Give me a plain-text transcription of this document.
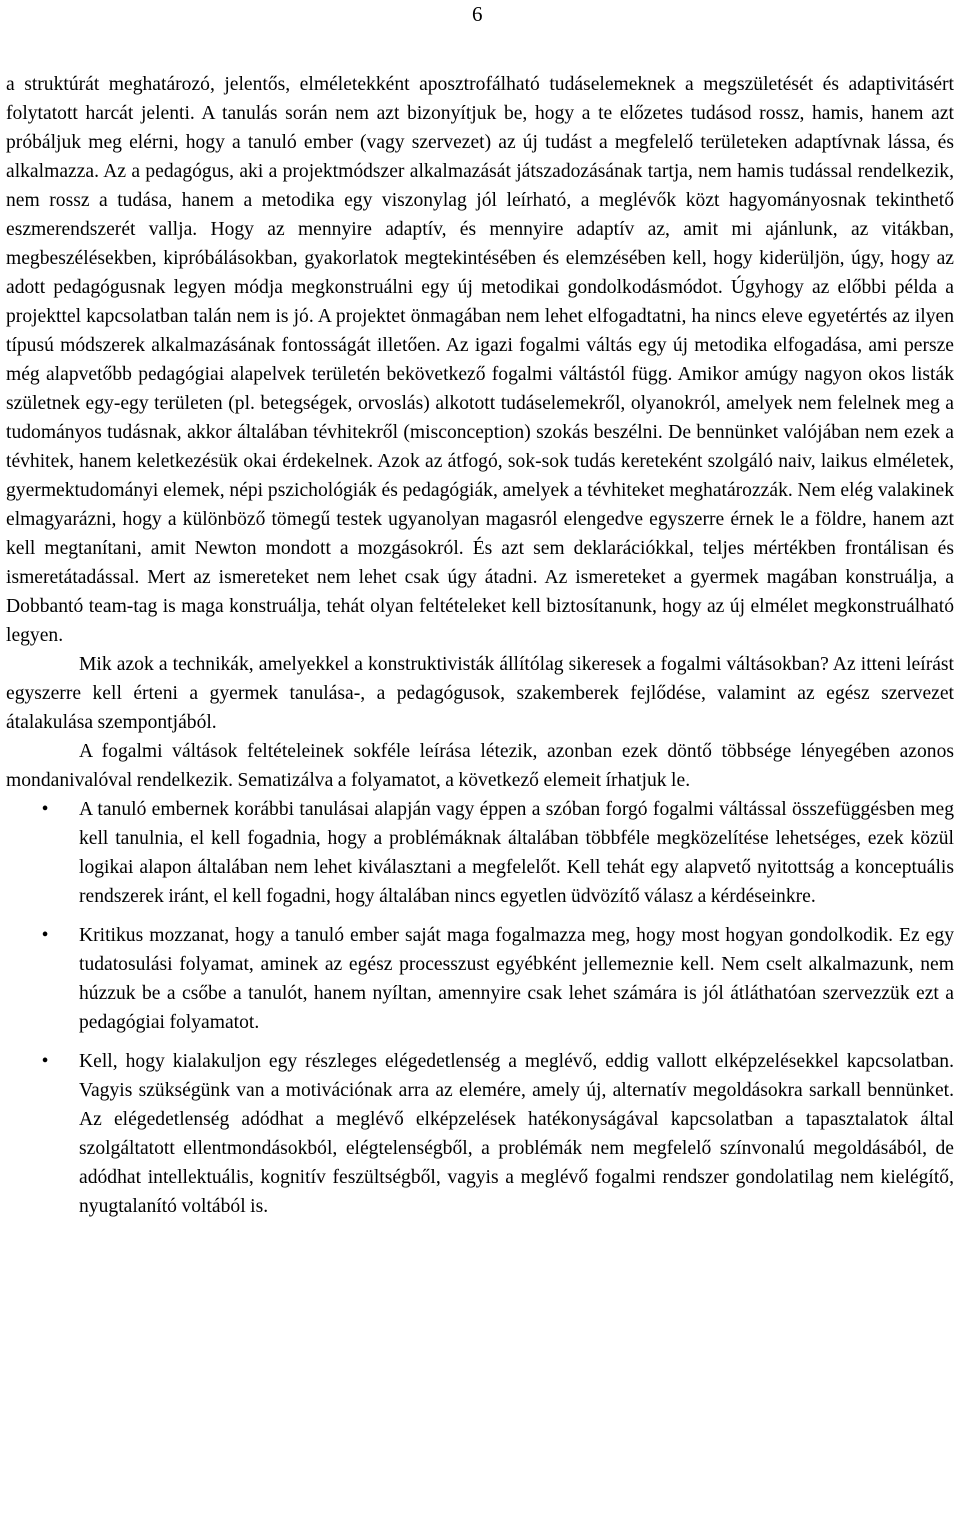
6

a struktúrát meghatározó, jelentős, elméletekként aposztrofálható tudáselemeknek a megszületését és adaptivitásért folytatott harcát jelenti. A tanulás során nem azt bizonyítjuk be, hogy a te előzetes tudásod rossz, hamis, hanem azt próbáljuk meg elérni, hogy a tanuló ember (vagy szervezet) az új tudást a megfelelő területeken adaptívnak lássa, és alkalmazza. Az a pedagógus, aki a projektmódszer alkalmazását játszadozásának tartja, nem hamis tudással rendelkezik, nem rossz a tudása, hanem a metodika egy viszonylag jól leírható, a meglévők közt hagyományosnak tekinthető eszmerendszerét vallja. Hogy az mennyire adaptív, és mennyire adaptív az, amit mi ajánlunk, az vitákban, megbeszélésekben, kipróbálásokban, gyakorlatok megtekintésében és elemzésében kell, hogy kiderüljön, úgy, hogy az adott pedagógusnak legyen módja megkonstruálni egy új metodikai gondolkodásmódot. Úgyhogy az előbbi példa a projekttel kapcsolatban talán nem is jó. A projektet önmagában nem lehet elfogadtatni, ha nincs eleve egyetértés az ilyen típusú módszerek alkalmazásának fontosságát illetően. Az igazi fogalmi váltás egy új metodika elfogadása, ami persze még alapvetőbb pedagógiai alapelvek területén bekövetkező fogalmi váltástól függ. Amikor amúgy nagyon okos listák születnek egy-egy területen (pl. betegségek, orvoslás) alkotott tudáselemekről, olyanokról, amelyek nem felelnek meg a tudományos tudásnak, akkor általában tévhitekről (misconception) szokás beszélni. De bennünket valójában nem ezek a tévhitek, hanem keletkezésük okai érdekelnek. Azok az átfogó, sok-sok tudás kereteként szolgáló naiv, laikus elméletek, gyermektudományi elemek, népi pszichológiák és pedagógiák, amelyek a tévhiteket meghatározzák. Nem elég valakinek elmagyarázni, hogy a különböző tömegű testek ugyanolyan magasról elengedve egyszerre érnek le a földre, hanem azt kell megtanítani, amit Newton mondott a mozgásokról. És azt sem deklarációkkal, teljes mértékben frontálisan és ismeretátadással. Mert az ismereteket nem lehet csak úgy átadni. Az ismereteket a gyermek magában konstruálja, a Dobbantó team-tag is maga konstruálja, tehát olyan feltételeket kell biztosítanunk, hogy az új elmélet megkonstruálható legyen.

Mik azok a technikák, amelyekkel a konstruktivisták állítólag sikeresek a fogalmi váltásokban? Az itteni leírást egyszerre kell érteni a gyermek tanulása-, a pedagógusok, szakemberek fejlődése, valamint az egész szervezet átalakulása szempontjából.

A fogalmi váltások feltételeinek sokféle leírása létezik, azonban ezek döntő többsége lényegében azonos mondanivalóval rendelkezik. Sematizálva a folyamatot, a következő elemeit írhatjuk le.

• A tanuló embernek korábbi tanulásai alapján vagy éppen a szóban forgó fogalmi váltással összefüggésben meg kell tanulnia, el kell fogadnia, hogy a problémáknak általában többféle megközelítése lehetséges, ezek közül logikai alapon általában nem lehet kiválasztani a megfelelőt. Kell tehát egy alapvető nyitottság a konceptuális rendszerek iránt, el kell fogadni, hogy általában nincs egyetlen üdvözítő válasz a kérdéseinkre.
• Kritikus mozzanat, hogy a tanuló ember saját maga fogalmazza meg, hogy most hogyan gondolkodik. Ez egy tudatosulási folyamat, aminek az egész processzust egyébként jellemeznie kell. Nem cselt alkalmazunk, nem húzzuk be a csőbe a tanulót, hanem nyíltan, amennyire csak lehet számára is jól átláthatóan szervezzük ezt a pedagógiai folyamatot.
• Kell, hogy kialakuljon egy részleges elégedetlenség a meglévő, eddig vallott elképzelésekkel kapcsolatban. Vagyis szükségünk van a motivációnak arra az elemére, amely új, alternatív megoldásokra sarkall bennünket. Az elégedetlenség adódhat a meglévő elképzelések hatékonyságával kapcsolatban a tapasztalatok által szolgáltatott ellentmondásokból, elégtelenségből, a problémák nem megfelelő színvonalú megoldásából, de adódhat intellektuális, kognitív feszültségből, vagyis a meglévő fogalmi rendszer gondolatilag nem kielégítő, nyugtalanító voltából is.
